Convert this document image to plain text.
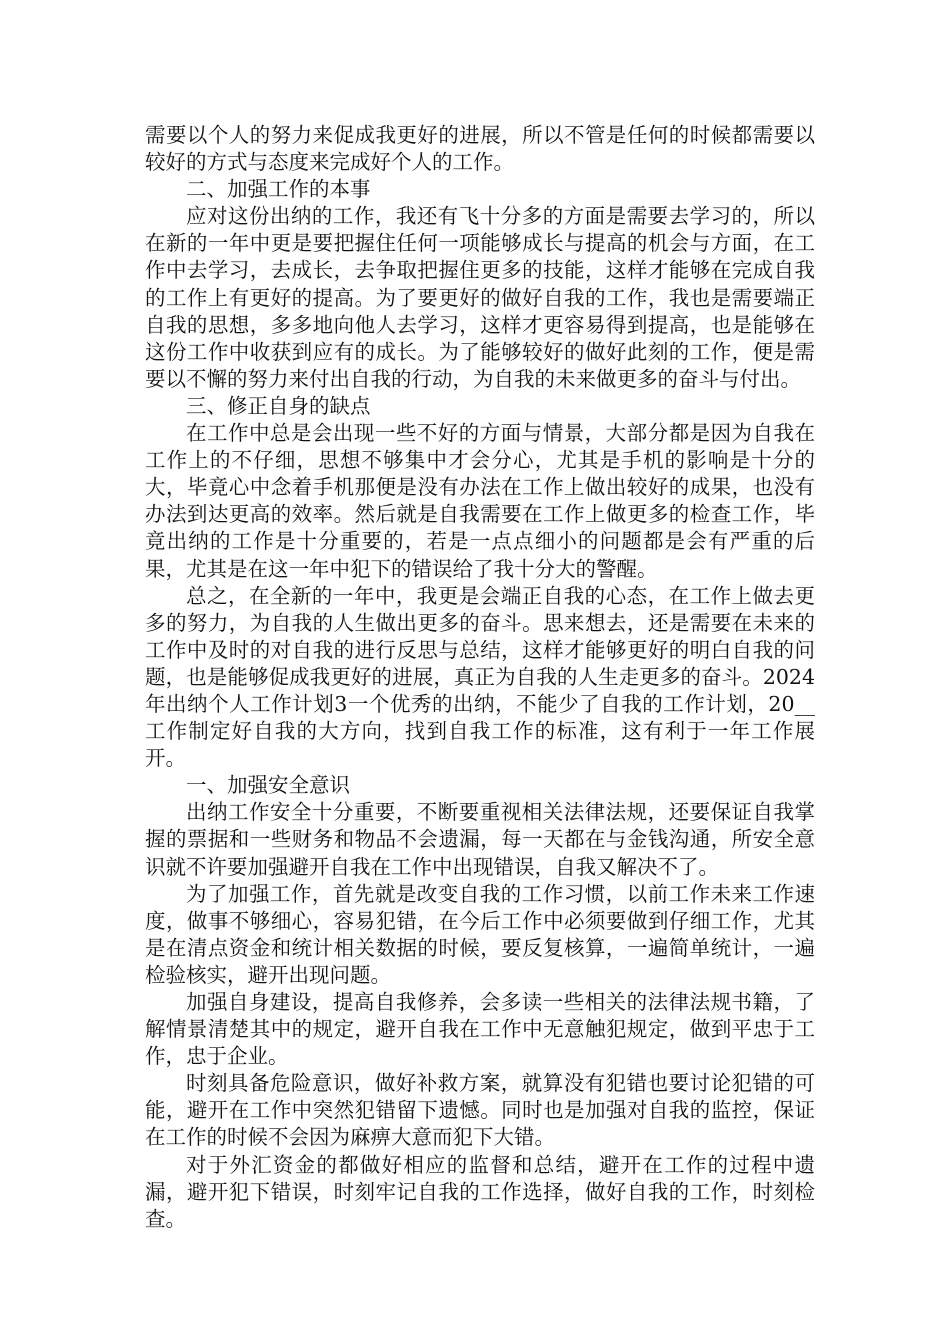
需要以个人的努力来促成我更好的进展，所以不管是任何的时候都需要以较好的方式与态度来完成好个人的工作。

二、加强工作的本事

应对这份出纳的工作，我还有飞十分多的方面是需要去学习的，所以在新的一年中更是要把握住任何一项能够成长与提高的机会与方面，在工作中去学习，去成长，去争取把握住更多的技能，这样才能够在完成自我的工作上有更好的提高。为了要更好的做好自我的工作，我也是需要端正自我的思想，多多地向他人去学习，这样才更容易得到提高，也是能够在这份工作中收获到应有的成长。为了能够较好的做好此刻的工作，便是需要以不懈的努力来付出自我的行动，为自我的未来做更多的奋斗与付出。

三、修正自身的缺点

在工作中总是会出现一些不好的方面与情景，大部分都是因为自我在工作上的不仔细，思想不够集中才会分心，尤其是手机的影响是十分的大，毕竟心中念着手机那便是没有办法在工作上做出较好的成果，也没有办法到达更高的效率。然后就是自我需要在工作上做更多的检查工作，毕竟出纳的工作是十分重要的，若是一点点细小的问题都是会有严重的后果，尤其是在这一年中犯下的错误给了我十分大的警醒。

总之，在全新的一年中，我更是会端正自我的心态，在工作上做去更多的努力，为自我的人生做出更多的奋斗。思来想去，还是需要在未来的工作中及时的对自我的进行反思与总结，这样才能够更好的明白自我的问题，也是能够促成我更好的进展，真正为自我的人生走更多的奋斗。2024年出纳个人工作计划3一个优秀的出纳，不能少了自我的工作计划，20__工作制定好自我的大方向，找到自我工作的标准，这有利于一年工作展开。

一、加强安全意识

出纳工作安全十分重要，不断要重视相关法律法规，还要保证自我掌握的票据和一些财务和物品不会遗漏，每一天都在与金钱沟通，所安全意识就不许要加强避开自我在工作中出现错误，自我又解决不了。

为了加强工作，首先就是改变自我的工作习惯，以前工作未来工作速度，做事不够细心，容易犯错，在今后工作中必须要做到仔细工作，尤其是在清点资金和统计相关数据的时候，要反复核算，一遍简单统计，一遍检验核实，避开出现问题。

加强自身建设，提高自我修养，会多读一些相关的法律法规书籍，了解情景清楚其中的规定，避开自我在工作中无意触犯规定，做到平忠于工作，忠于企业。

时刻具备危险意识，做好补救方案，就算没有犯错也要讨论犯错的可能，避开在工作中突然犯错留下遗憾。同时也是加强对自我的监控，保证在工作的时候不会因为麻痹大意而犯下大错。

对于外汇资金的都做好相应的监督和总结，避开在工作的过程中遗漏，避开犯下错误，时刻牢记自我的工作选择，做好自我的工作，时刻检查。
